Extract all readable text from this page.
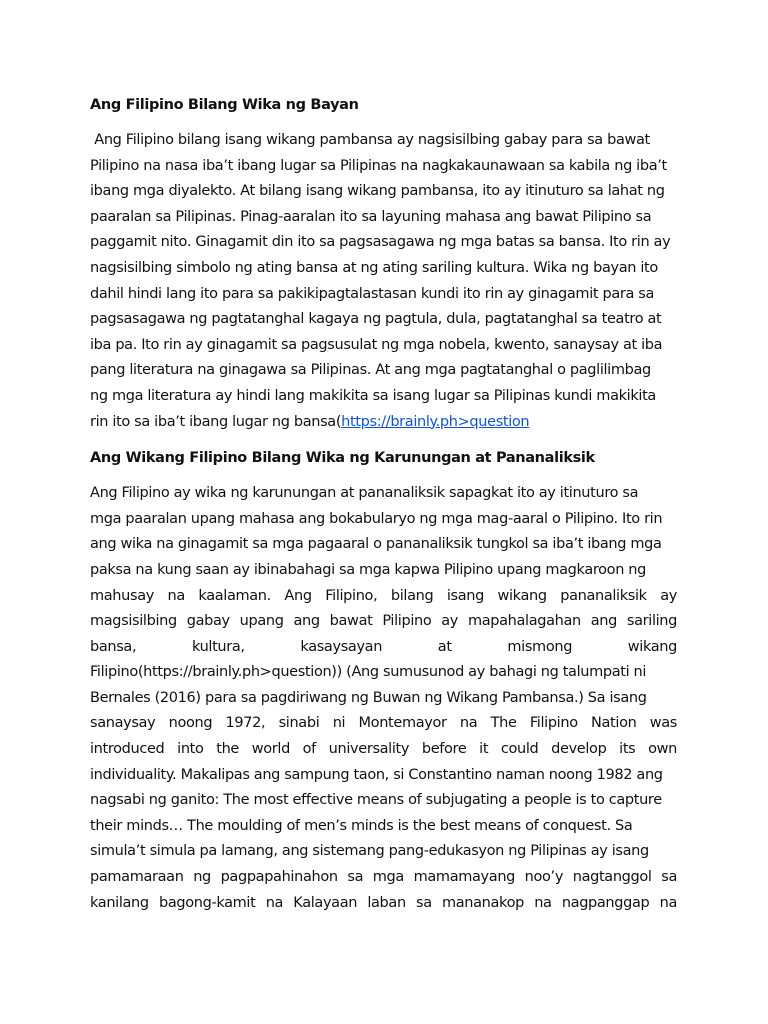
Ang Filipino Bilang Wika ng Bayan
Ang Filipino bilang isang wikang pambansa ay nagsisilbing gabay para sa bawat
Pilipino na nasa iba’t ibang lugar sa Pilipinas na nagkakaunawaan sa kabila ng iba’t
ibang mga diyalekto. At bilang isang wikang pambansa, ito ay itinuturo sa lahat ng
paaralan sa Pilipinas. Pinag-aaralan ito sa layuning mahasa ang bawat Pilipino sa
paggamit nito. Ginagamit din ito sa pagsasagawa ng mga batas sa bansa. Ito rin ay
nagsisilbing simbolo ng ating bansa at ng ating sariling kultura. Wika ng bayan ito
dahil hindi lang ito para sa pakikipagtalastasan kundi ito rin ay ginagamit para sa
pagsasagawa ng pagtatanghal kagaya ng pagtula, dula, pagtatanghal sa teatro at
iba pa. Ito rin ay ginagamit sa pagsusulat ng mga nobela, kwento, sanaysay at iba
pang literatura na ginagawa sa Pilipinas. At ang mga pagtatanghal o paglilimbag
ng mga literatura ay hindi lang makikita sa isang lugar sa Pilipinas kundi makikita
rin ito sa iba’t ibang lugar ng bansa(https://brainly.ph>question
Ang Wikang Filipino Bilang Wika ng Karunungan at Pananaliksik
Ang Filipino ay wika ng karunungan at pananaliksik sapagkat ito ay itinuturo sa
mga paaralan upang mahasa ang bokabularyo ng mga mag-aaral o Pilipino. Ito rin
ang wika na ginagamit sa mga pagaaral o pananaliksik tungkol sa iba’t ibang mga
paksa na kung saan ay ibinabahagi sa mga kapwa Pilipino upang magkaroon ng
mahusay na kaalaman. Ang Filipino, bilang isang wikang pananaliksik ay
magsisilbing gabay upang ang bawat Pilipino ay mapahalagahan ang sariling
bansa, kultura, kasaysayan at mismong wikang
Filipino(https://brainly.ph>question)) (Ang sumusunod ay bahagi ng talumpati ni
Bernales (2016) para sa pagdiriwang ng Buwan ng Wikang Pambansa.) Sa isang
sanaysay noong 1972, sinabi ni Montemayor na The Filipino Nation was
introduced into the world of universality before it could develop its own
individuality. Makalipas ang sampung taon, si Constantino naman noong 1982 ang
nagsabi ng ganito: The most effective means of subjugating a people is to capture
their minds… The moulding of men’s minds is the best means of conquest. Sa
simula’t simula pa lamang, ang sistemang pang-edukasyon ng Pilipinas ay isang
pamamaraan ng pagpapahinahon sa mga mamamayang noo’y nagtanggol sa
kanilang bagong-kamit na Kalayaan laban sa mananakop na nagpanggap na
